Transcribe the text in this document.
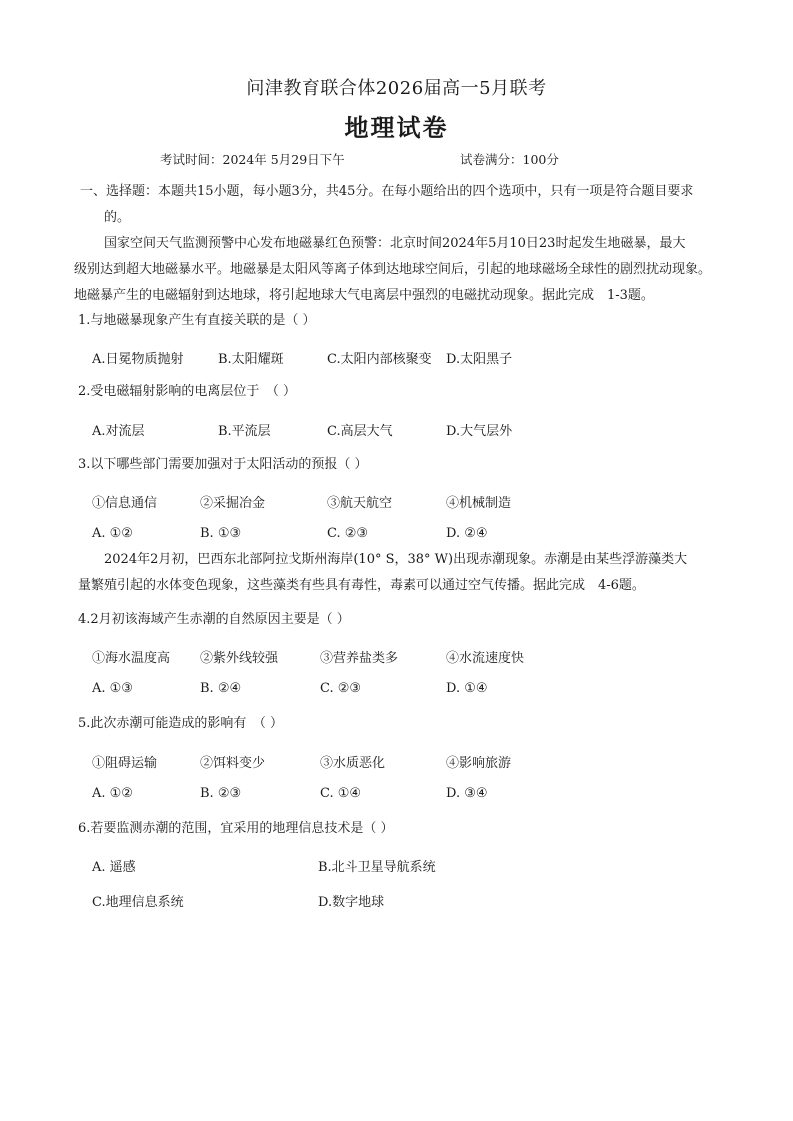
问津教育联合体2026届高一5月联考
地理试卷
考试时间：2024年 5月29日下午	试卷满分：100分
一、选择题：本题共15小题，每小题3分，共45分。在每小题给出的四个选项中，只有一项是符合题目要求
的。
国家空间天气监测预警中心发布地磁暴红色预警：北京时间2024年5月10日23时起发生地磁暴，最大
级别达到超大地磁暴水平。地磁暴是太阳风等离子体到达地球空间后，引起的地球磁场全球性的剧烈扰动现象。
地磁暴产生的电磁辐射到达地球，将引起地球大气电离层中强烈的电磁扰动现象。据此完成　1-3题。
1.与地磁暴现象产生有直接关联的是（ ）
A.日冕物质抛射	B.太阳耀斑	C.太阳内部核聚变 D.太阳黑子
2.受电磁辐射影响的电离层位于　（ ）
A.对流层	B.平流层	C.高层大气	D.大气层外
3.以下哪些部门需要加强对于太阳活动的预报（ ）
①信息通信	②采掘冶金	③航天航空	④机械制造
A. ①②	B. ①③	C. ②③	D. ②④
2024年2月初，巴西东北部阿拉戈斯州海岸(10° S，38° W)出现赤潮现象。赤潮是由某些浮游藻类大
量繁殖引起的水体变色现象，这些藻类有些具有毒性，毒素可以通过空气传播。据此完成　4-6题。
4.2月初该海域产生赤潮的自然原因主要是（ ）
①海水温度高 ②紫外线较强	③营养盐类多	④水流速度快
A. ①③	B. ②④	C. ②③	D. ①④
5.此次赤潮可能造成的影响有　（ ）
①阻碍运输	②饵料变少	③水质恶化	④影响旅游
A. ①②	B. ②③	C. ①④	D. ③④
6.若要监测赤潮的范围，宜采用的地理信息技术是（ ）
A. 遥感	B.北斗卫星导航系统
C.地理信息系统	D.数字地球
